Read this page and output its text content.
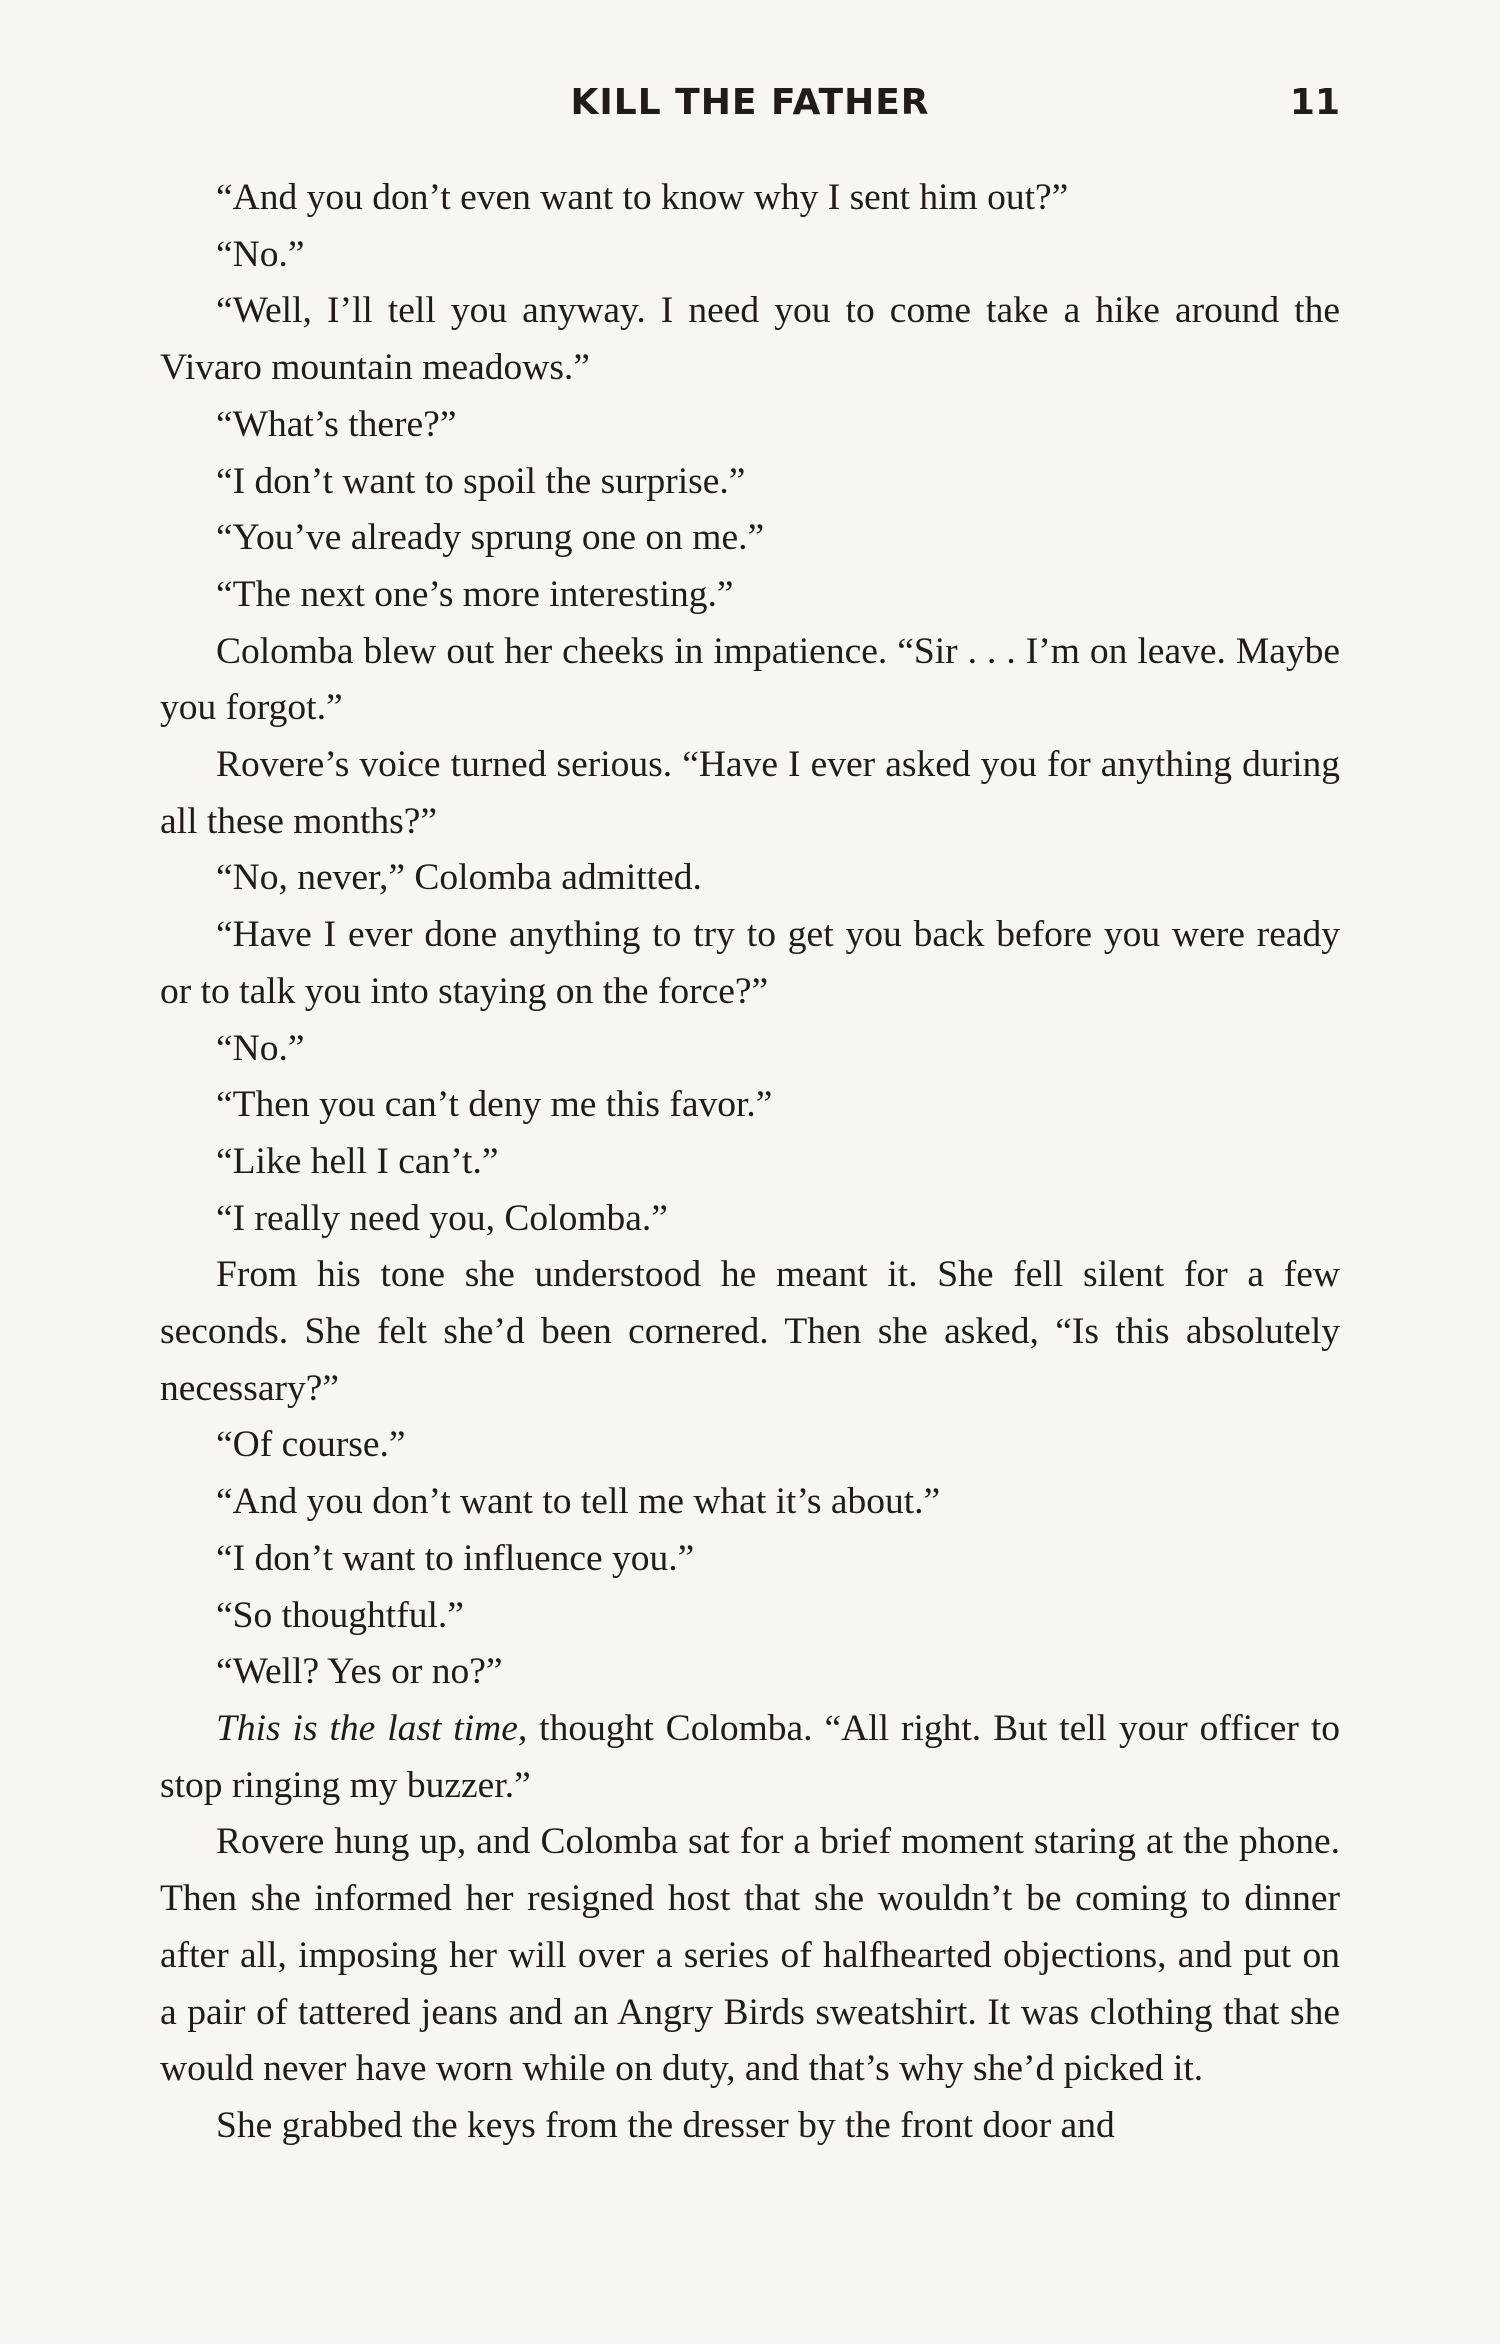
KILL THE FATHER	11

“And you don’t even want to know why I sent him out?”

“No.”

“Well, I’ll tell you anyway. I need you to come take a hike around the Vivaro mountain meadows.”

“What’s there?”

“I don’t want to spoil the surprise.”

“You’ve already sprung one on me.”

“The next one’s more interesting.”

Colomba blew out her cheeks in impatience. “Sir . . . I’m on leave. Maybe you forgot.”

Rovere’s voice turned serious. “Have I ever asked you for anything during all these months?”

“No, never,” Colomba admitted.

“Have I ever done anything to try to get you back before you were ready or to talk you into staying on the force?”

“No.”

“Then you can’t deny me this favor.”

“Like hell I can’t.”

“I really need you, Colomba.”

From his tone she understood he meant it. She fell silent for a few seconds. She felt she’d been cornered. Then she asked, “Is this absolutely necessary?”

“Of course.”

“And you don’t want to tell me what it’s about.”

“I don’t want to influence you.”

“So thoughtful.”

“Well? Yes or no?”

This is the last time, thought Colomba. “All right. But tell your officer to stop ringing my buzzer.”

Rovere hung up, and Colomba sat for a brief moment staring at the phone. Then she informed her resigned host that she wouldn’t be coming to dinner after all, imposing her will over a series of halfhearted objections, and put on a pair of tattered jeans and an Angry Birds sweatshirt. It was clothing that she would never have worn while on duty, and that’s why she’d picked it.

She grabbed the keys from the dresser by the front door and
